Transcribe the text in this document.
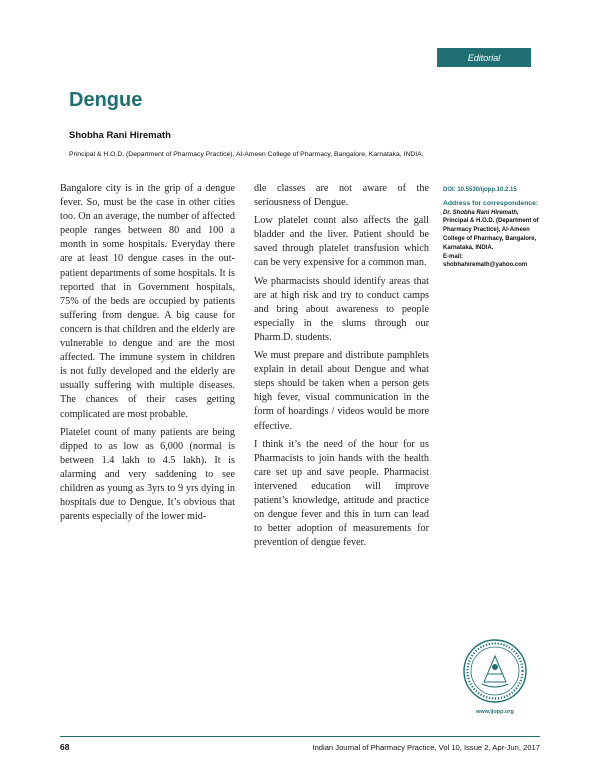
Editorial
Dengue
Shobha Rani Hiremath
Principal & H.O.D. (Department of Pharmacy Practice), Al-Ameen College of Pharmacy, Bangalore, Karnataka, INDIA.

Bangalore city is in the grip of a dengue fever. So, must be the case in other cities too. On an average, the number of affected people ranges between 80 and 100 a month in some hospitals. Everyday there are at least 10 dengue cases in the out-patient departments of some hospitals. It is reported that in Government hospitals, 75% of the beds are occupied by patients suffering from dengue. A big cause for concern is that children and the elderly are vulnerable to dengue and are the most affected. The immune system in children is not fully developed and the elderly are usually suffering with multiple diseases. The chances of their cases getting complicated are most probable.

Platelet count of many patients are being dipped to as low as 6,000 (normal is between 1.4 lakh to 4.5 lakh). It is alarming and very saddening to see children as young as 3yrs to 9 yrs dying in hospitals due to Dengue. It’s obvious that parents especially of the lower mid-

dle classes are not aware of the seriousness of Dengue.

Low platelet count also affects the gall bladder and the liver. Patient should be saved through platelet transfusion which can be very expensive for a common man.

We pharmacists should identify areas that are at high risk and try to conduct camps and bring about awareness to people especially in the slums through our Pharm.D. students.

We must prepare and distribute pamphlets explain in detail about Dengue and what steps should be taken when a person gets high fever, visual communication in the form of hoardings / videos would be more effective.

I think it’s the need of the hour for us Pharmacists to join hands with the health care set up and save people. Pharmacist intervened education will improve patient’s knowledge, attitude and practice on dengue fever and this in turn can lead to better adoption of measurements for prevention of dengue fever.

DOI: 10.5530/ijopp.10.2.15
Address for correspondence:
Dr. Shobha Rani Hiremath,
Principal & H.O.D. (Department of Pharmacy Practice), Al-Ameen College of Pharmacy, Bangalore, Karnataka, INDIA.
E-mail: shobhahiremath@yahoo.com
www.ijopp.org
68	Indian Journal of Pharmacy Practice, Vol 10, Issue 2, Apr-Jun, 2017
